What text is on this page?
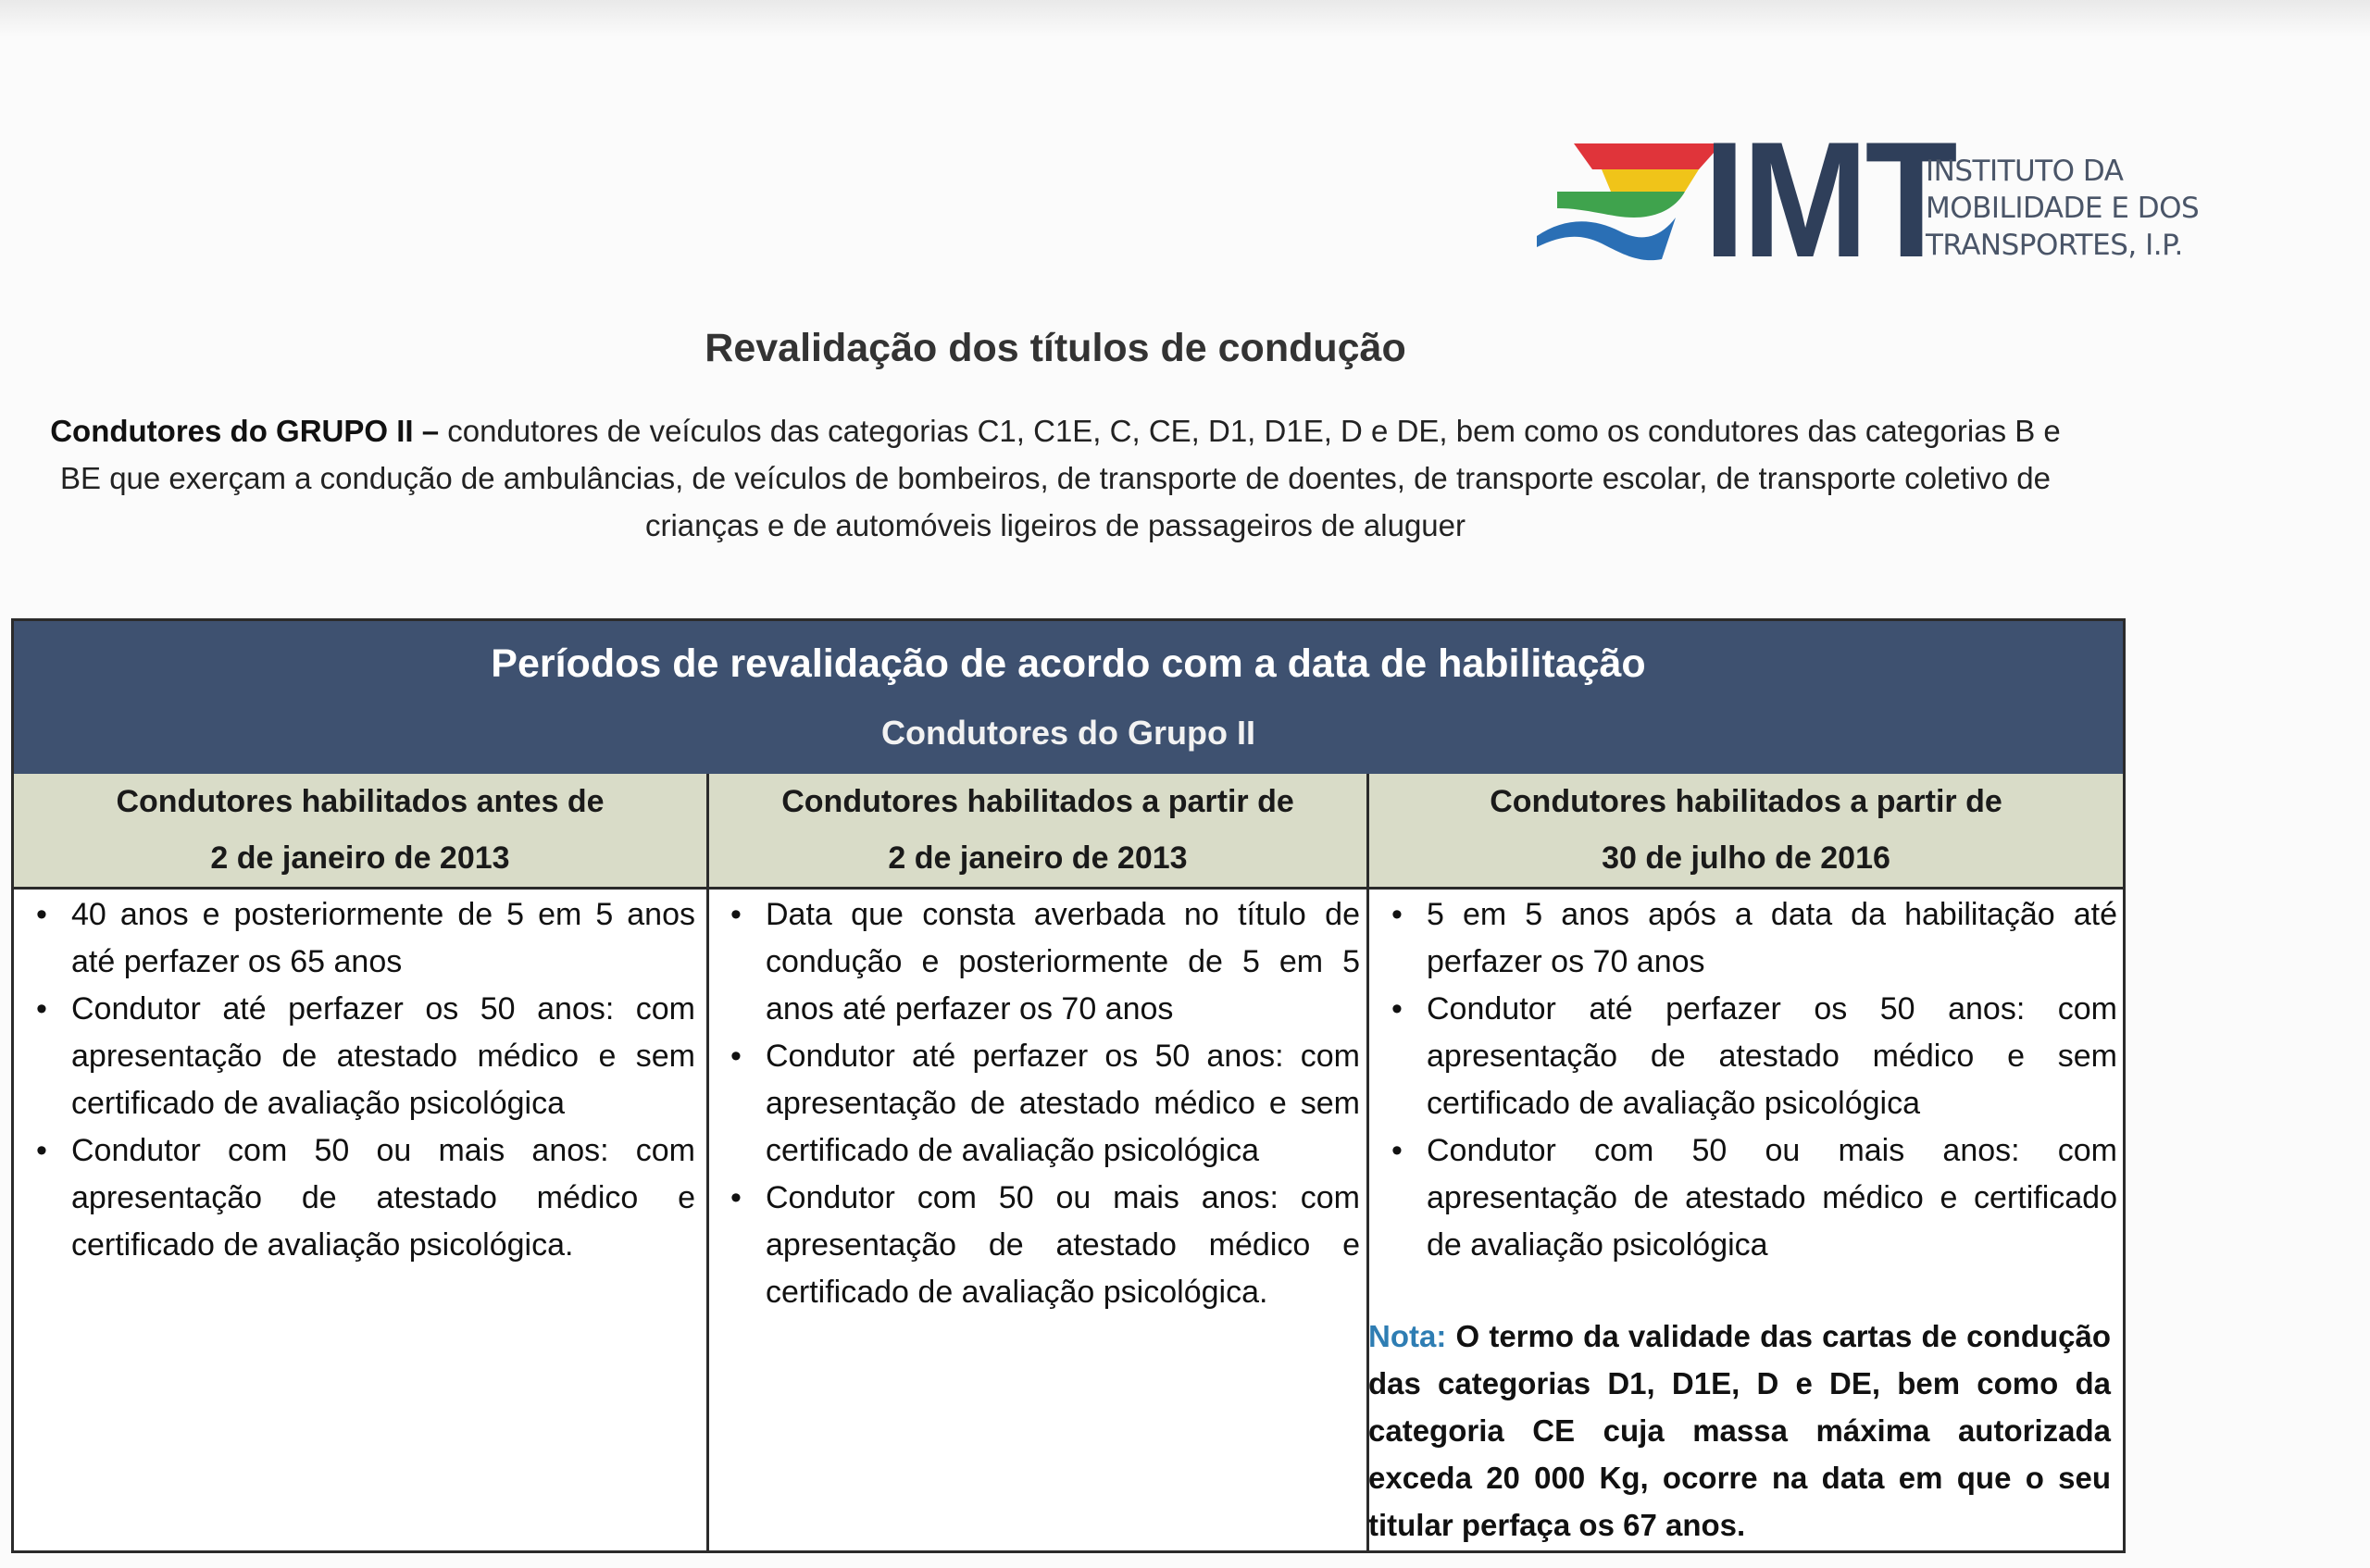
IMT
INSTITUTO DA
MOBILIDADE E DOS
TRANSPORTES, I.P.
Revalidação dos títulos de condução
Condutores do GRUPO II – condutores de veículos das categorias C1, C1E, C, CE, D1, D1E, D e DE, bem como os condutores das categorias B e BE que exerçam a condução de ambulâncias, de veículos de bombeiros, de transporte de doentes, de transporte escolar, de transporte coletivo de crianças e de automóveis ligeiros de passageiros de aluguer
Períodos de revalidação de acordo com a data de habilitação
Condutores do Grupo II
Condutores habilitados antes de
2 de janeiro de 2013
Condutores habilitados a partir de
2 de janeiro de 2013
Condutores habilitados a partir de
30 de julho de 2016
• 40 anos e posteriormente de 5 em 5 anos até perfazer os 65 anos
• Condutor até perfazer os 50 anos: com apresentação de atestado médico e sem certificado de avaliação psicológica
• Condutor com 50 ou mais anos: com apresentação de atestado médico e certificado de avaliação psicológica.
• Data que consta averbada no título de condução e posteriormente de 5 em 5 anos até perfazer os 70 anos
• Condutor até perfazer os 50 anos: com apresentação de atestado médico e sem certificado de avaliação psicológica
• Condutor com 50 ou mais anos: com apresentação de atestado médico e certificado de avaliação psicológica.
• 5 em 5 anos após a data da habilitação até perfazer os 70 anos
• Condutor até perfazer os 50 anos: com apresentação de atestado médico e sem certificado de avaliação psicológica
• Condutor com 50 ou mais anos: com apresentação de atestado médico e certificado de avaliação psicológica
Nota: O termo da validade das cartas de condução das categorias D1, D1E, D e DE, bem como da categoria CE cuja massa máxima autorizada exceda 20 000 Kg, ocorre na data em que o seu titular perfaça os 67 anos.
